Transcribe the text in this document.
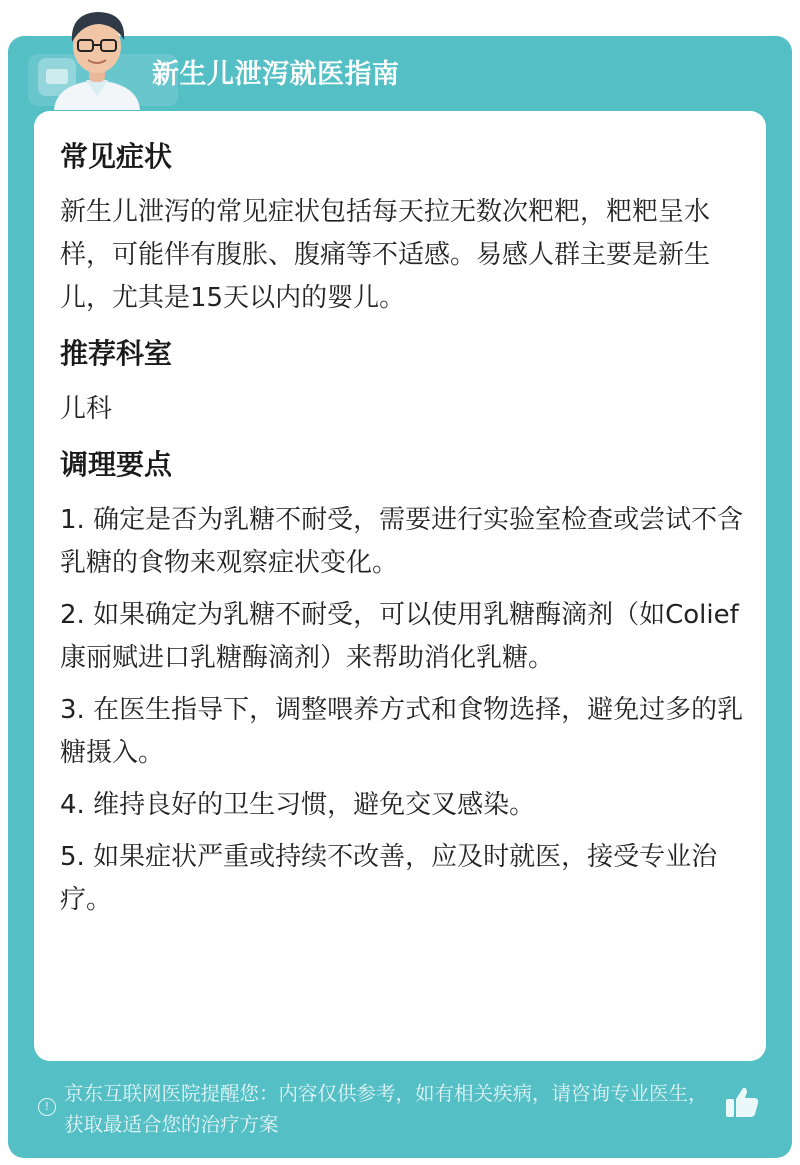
新生儿泄泻就医指南
常见症状

新生儿泄泻的常见症状包括每天拉无数次粑粑，粑粑呈水样，可能伴有腹胀、腹痛等不适感。易感人群主要是新生儿，尤其是15天以内的婴儿。

推荐科室

儿科

调理要点

1. 确定是否为乳糖不耐受，需要进行实验室检查或尝试不含乳糖的食物来观察症状变化。

2. 如果确定为乳糖不耐受，可以使用乳糖酶滴剂（如Colief康丽赋进口乳糖酶滴剂）来帮助消化乳糖。

3. 在医生指导下，调整喂养方式和食物选择，避免过多的乳糖摄入。

4. 维持良好的卫生习惯，避免交叉感染。

5. 如果症状严重或持续不改善，应及时就医，接受专业治疗。

!
京东互联网医院提醒您：内容仅供参考，如有相关疾病，请咨询专业医生，获取最适合您的治疗方案
